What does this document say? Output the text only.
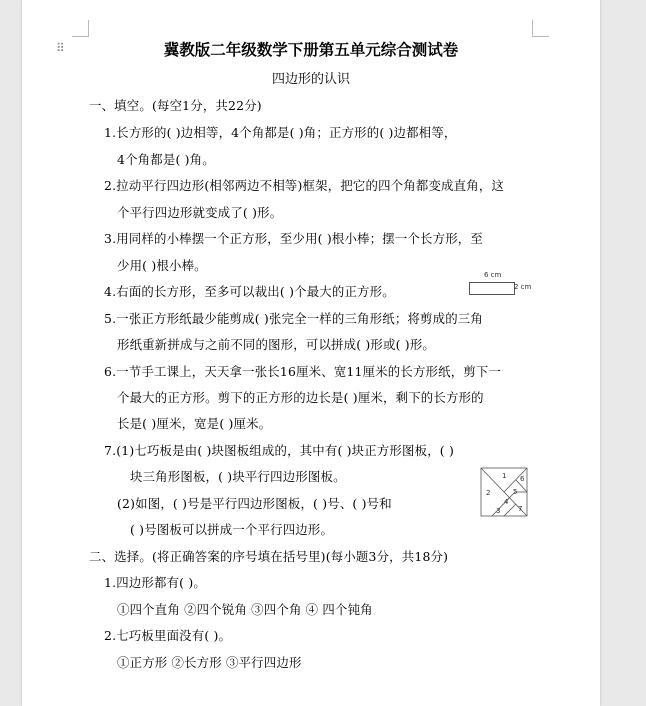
⠿	冀教版二年级数学下册第五单元综合测试卷
四边形的认识
一、填空。(每空1分，共22分)
1.长方形的( )边相等，4个角都是( )角；正方形的( )边都相等，
4个角都是( )角。
2.拉动平行四边形(相邻两边不相等)框架，把它的四个角都变成直角，这
个平行四边形就变成了( )形。
3.用同样的小棒摆一个正方形，至少用( )根小棒；摆一个长方形，至
少用( )根小棒。
4.右面的长方形，至多可以裁出( )个最大的正方形。
6 cm
2 cm
5.一张正方形纸最少能剪成( )张完全一样的三角形纸；将剪成的三角
形纸重新拼成与之前不同的图形，可以拼成( )形或( )形。
6.一节手工课上，天天拿一张长16厘米、宽11厘米的长方形纸，剪下一
个最大的正方形。剪下的正方形的边长是( )厘米，剩下的长方形的
长是( )厘米，宽是( )厘米。
7.(1)七巧板是由( )块图板组成的，其中有( )块正方形图板，( )
块三角形图板，( )块平行四边形图板。
(2)如图，( )号是平行四边形图板，( )号、( )号和
( )号图板可以拼成一个平行四边形。
1
2
3
4
5
6
7
二、选择。(将正确答案的序号填在括号里)(每小题3分，共18分)
1.四边形都有( )。
①四个直角 ②四个锐角 ③四个角 ④ 四个钝角
2.七巧板里面没有( )。
①正方形 ②长方形 ③平行四边形
